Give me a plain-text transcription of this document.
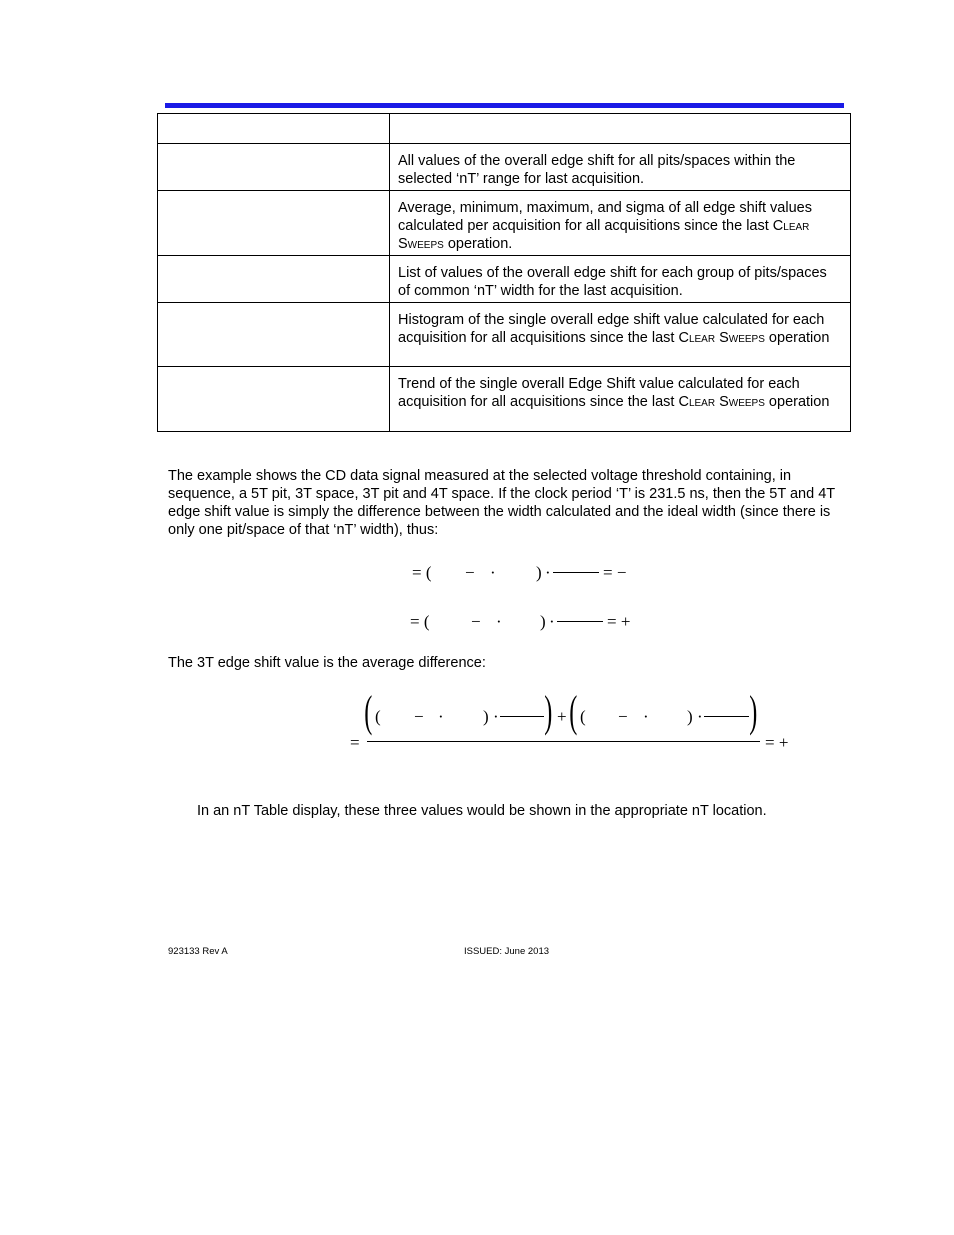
	All values of the overall edge shift for all pits/spaces within the selected ‘nT’ range for last acquisition.
	Average, minimum, maximum, and sigma of all edge shift values calculated per acquisition for all acquisitions since the last Clear Sweeps operation.
	List of values of the overall edge shift for each group of pits/spaces of common ‘nT’ width for the last acquisition.
	Histogram of the single overall edge shift value calculated for each acquisition for all acquisitions since the last Clear Sweeps operation
	Trend of the single overall Edge Shift value calculated for each acquisition for all acquisitions since the last Clear Sweeps operation

The example shows the CD data signal measured at the selected voltage threshold containing, in sequence, a 5T pit, 3T space, 3T pit and 4T space. If the clock period ‘T’ is 231.5 ns, then the 5T and 4T edge shift value is simply the difference between the width calculated and the ideal width (since there is only one pit/space of that ‘nT’ width), thus:

= ( − · ) ·	= −
= ( − · ) ·	= +

The 3T edge shift value is the average difference:

=
( ( − · ) · ) + ( ( − · ) · )
= +

In an nT Table display, these three values would be shown in the appropriate nT location.

923133 Rev A	ISSUED: June 2013
